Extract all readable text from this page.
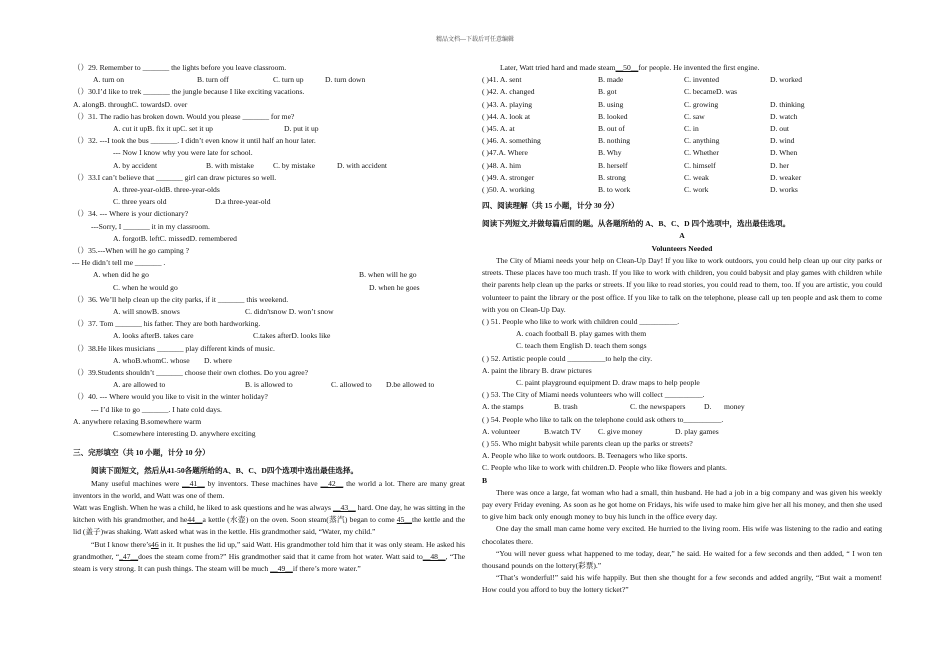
精品文档---下载后可任意编辑
（）29. Remember to _______ the lights before you leave classroom.
A. turn on	B. turn off	C. turn up	D. turn down
（）30.I’d like to trek _______ the jungle because I like exciting vacations.
A. alongB. throughC. towardsD. over
（）31. The radio has broken down. Would you please _______ for me?
A. cut it upB. fix it upC. set it up	D. put it up
（）32. ---I took the bus _______. I didn’t even know it until half an hour later.
--- Now I know why you were late for school.
A. by accident	B. with mistake	C. by mistake	D. with accident
（）33.I can’t believe that _______ girl can draw pictures so well.
A. three-year-oldB. three-year-olds
C. three years old	D.a three-year-old
（）34. --- Where is your dictionary?
---Sorry, I _______ it in my classroom.
A. forgotB. leftC. missedD. remembered
（）35.---When will he go camping ?
--- He didn’t tell me _______ .
A. when did he go	B. when will he go
C. when he would go	D. when he goes
（）36. We’ll help clean up the city parks, if it _______ this weekend.
A. will snowB. snows	C. didn'tsnow D. won’t snow
（）37. Tom _______ his father. They are both hardworking.
A. looks afterB. takes care	C.takes afterD. looks like
（）38.He likes musicians _______ play different kinds of music.
A. whoB.whomC. whose D. where
（）39.Students shouldn’t _______ choose their own clothes. Do you agree?
A. are allowed to	B. is allowed to	C. allowed to D.be allowed to
（）40. --- Where would you like to visit in the winter holiday?
--- I’d like to go _______. I hate cold days.
A. anywhere relaxing B.somewhere warm
C.somewhere interesting D. anywhere exciting
三、完形填空（共 10 小题，计分 10 分）
阅读下面短文，然后从41-50各题所给的A、B、C、D四个选项中选出最佳选择。
Many useful machines were __41__ by inventors. These machines have __42__ the world a lot. There are many great inventors in the world, and Watt was one of them.
Watt was English. When he was a child, he liked to ask questions and he was always __43__ hard. One day, he was sitting in the kitchen with his grandmother, and he44__a kettle (水壶) on the oven. Soon steam(蒸汽) began to come 45__the kettle and the lid (盖子)was shaking. Watt asked what was in the kettle. His grandmother said, “Water, my child.”
“But I know there’s46 in it. It pushes the lid up,” said Watt. His grandmother told him that it was only steam. He asked his grandmother, “_47__does the steam come from?” His grandmother said that it came from hot water. Watt said to__48__, “The steam is very strong. It can push things. The steam will be much __49__if there’s more water.”
Later, Watt tried hard and made steam__50__for people. He invented the first engine.
( )41. A. sent	B. made	C. invented	D. worked
( )42. A. changed	B. got	C. becameD. was
( )43. A. playing	B. using	C. growing	D. thinking
( )44. A. look at	B. looked	C. saw	D. watch
( )45. A. at	B. out of	C. in	D. out
( )46. A. something	B. nothing	C. anything	D. wind
( )47.A. Where	B. Why	C. Whether	D. When
( )48. A. him	B. herself	C. himself	D. her
( )49. A. stronger	B. strong	C. weak	D. weaker
( )50. A. working	B. to work	C. work	D. works
四、阅读理解（共 15 小题，计分 30 分）
阅读下列短文,并做每篇后面的题。从各题所给的 A、B、C、D 四个选项中，选出最佳选项。
A
Volunteers Needed
The City of Miami needs your help on Clean-Up Day! If you like to work outdoors, you could help clean up our city parks or streets. These places have too much trash. If you like to work with children, you could babysit and play games with children while their parents help clean up the parks or streets. If you like to read stories, you could read to them, too. If you are artistic, you could volunteer to paint the library or the post office. If you like to talk on the telephone, please call up ten people and ask them to come with you on Clean-Up Day.
( ) 51. People who like to work with children could __________.
A. coach football B. play games with them
C. teach them English D. teach them songs
( ) 52. Artistic people could __________to help the city.
A. paint the library B. draw pictures
C. paint playground equipment D. draw maps to help people
( ) 53. The City of Miami needs volunteers who will collect __________.
A. the stamps	B. trash	C. the newspapers D. money
( ) 54. People who like to talk on the telephone could ask others to__________.
A. volunteer	B.watch TV C. give money	D. play games
( ) 55. Who might babysit while parents clean up the parks or streets?
A. People who like to work outdoors. B. Teenagers who like sports.
C. People who like to work with children.D. People who like flowers and plants.
B
There was once a large, fat woman who had a small, thin husband. He had a job in a big company and was given his weekly pay every Friday evening. As soon as he got home on Fridays, his wife used to make him give her all his money, and then she used to give him back only enough money to buy his lunch in the office every day.
One day the small man came home very excited. He hurried to the living room. His wife was listening to the radio and eating chocolates there.
“You will never guess what happened to me today, dear,” he said. He waited for a few seconds and then added, “ I won ten thousand pounds on the lottery(彩票).”
“That’s wonderful!” said his wife happily. But then she thought for a few seconds and added angrily, “But wait a moment! How could you afford to buy the lottery ticket?”
